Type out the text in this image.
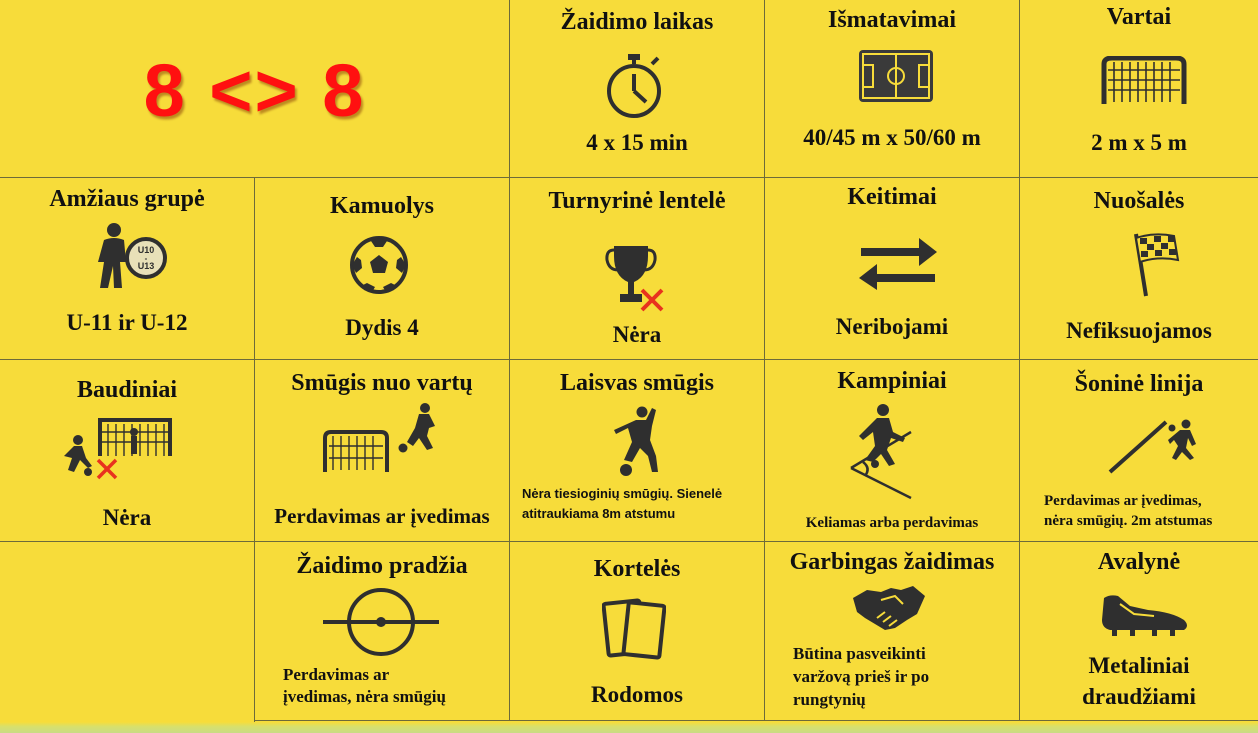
8 <> 8
Žaidimo laikas
4 x 15 min
Išmatavimai
40/45 m x 50/60 m
Vartai
2 m x 5 m
Amžiaus grupė
U10
-
U13
U-11 ir U-12
Kamuolys
Dydis 4
Turnyrinė lentelė
Nėra
Keitimai
Neribojami
Nuošalės
Nefiksuojamos
Baudiniai
Nėra
Smūgis nuo vartų
Perdavimas ar įvedimas
Laisvas smūgis
Nėra tiesioginių smūgių. Sienelė atitraukiama 8m atstumu
Kampiniai
Keliamas arba perdavimas
Šoninė linija
Perdavimas ar įvedimas,
nėra smūgių. 2m atstumas
Žaidimo pradžia
Perdavimas ar
įvedimas, nėra smūgių
Kortelės
Rodomos
Garbingas žaidimas
Būtina pasveikinti
varžovą prieš ir po
rungtynių
Avalynė
Metaliniai
draudžiami
